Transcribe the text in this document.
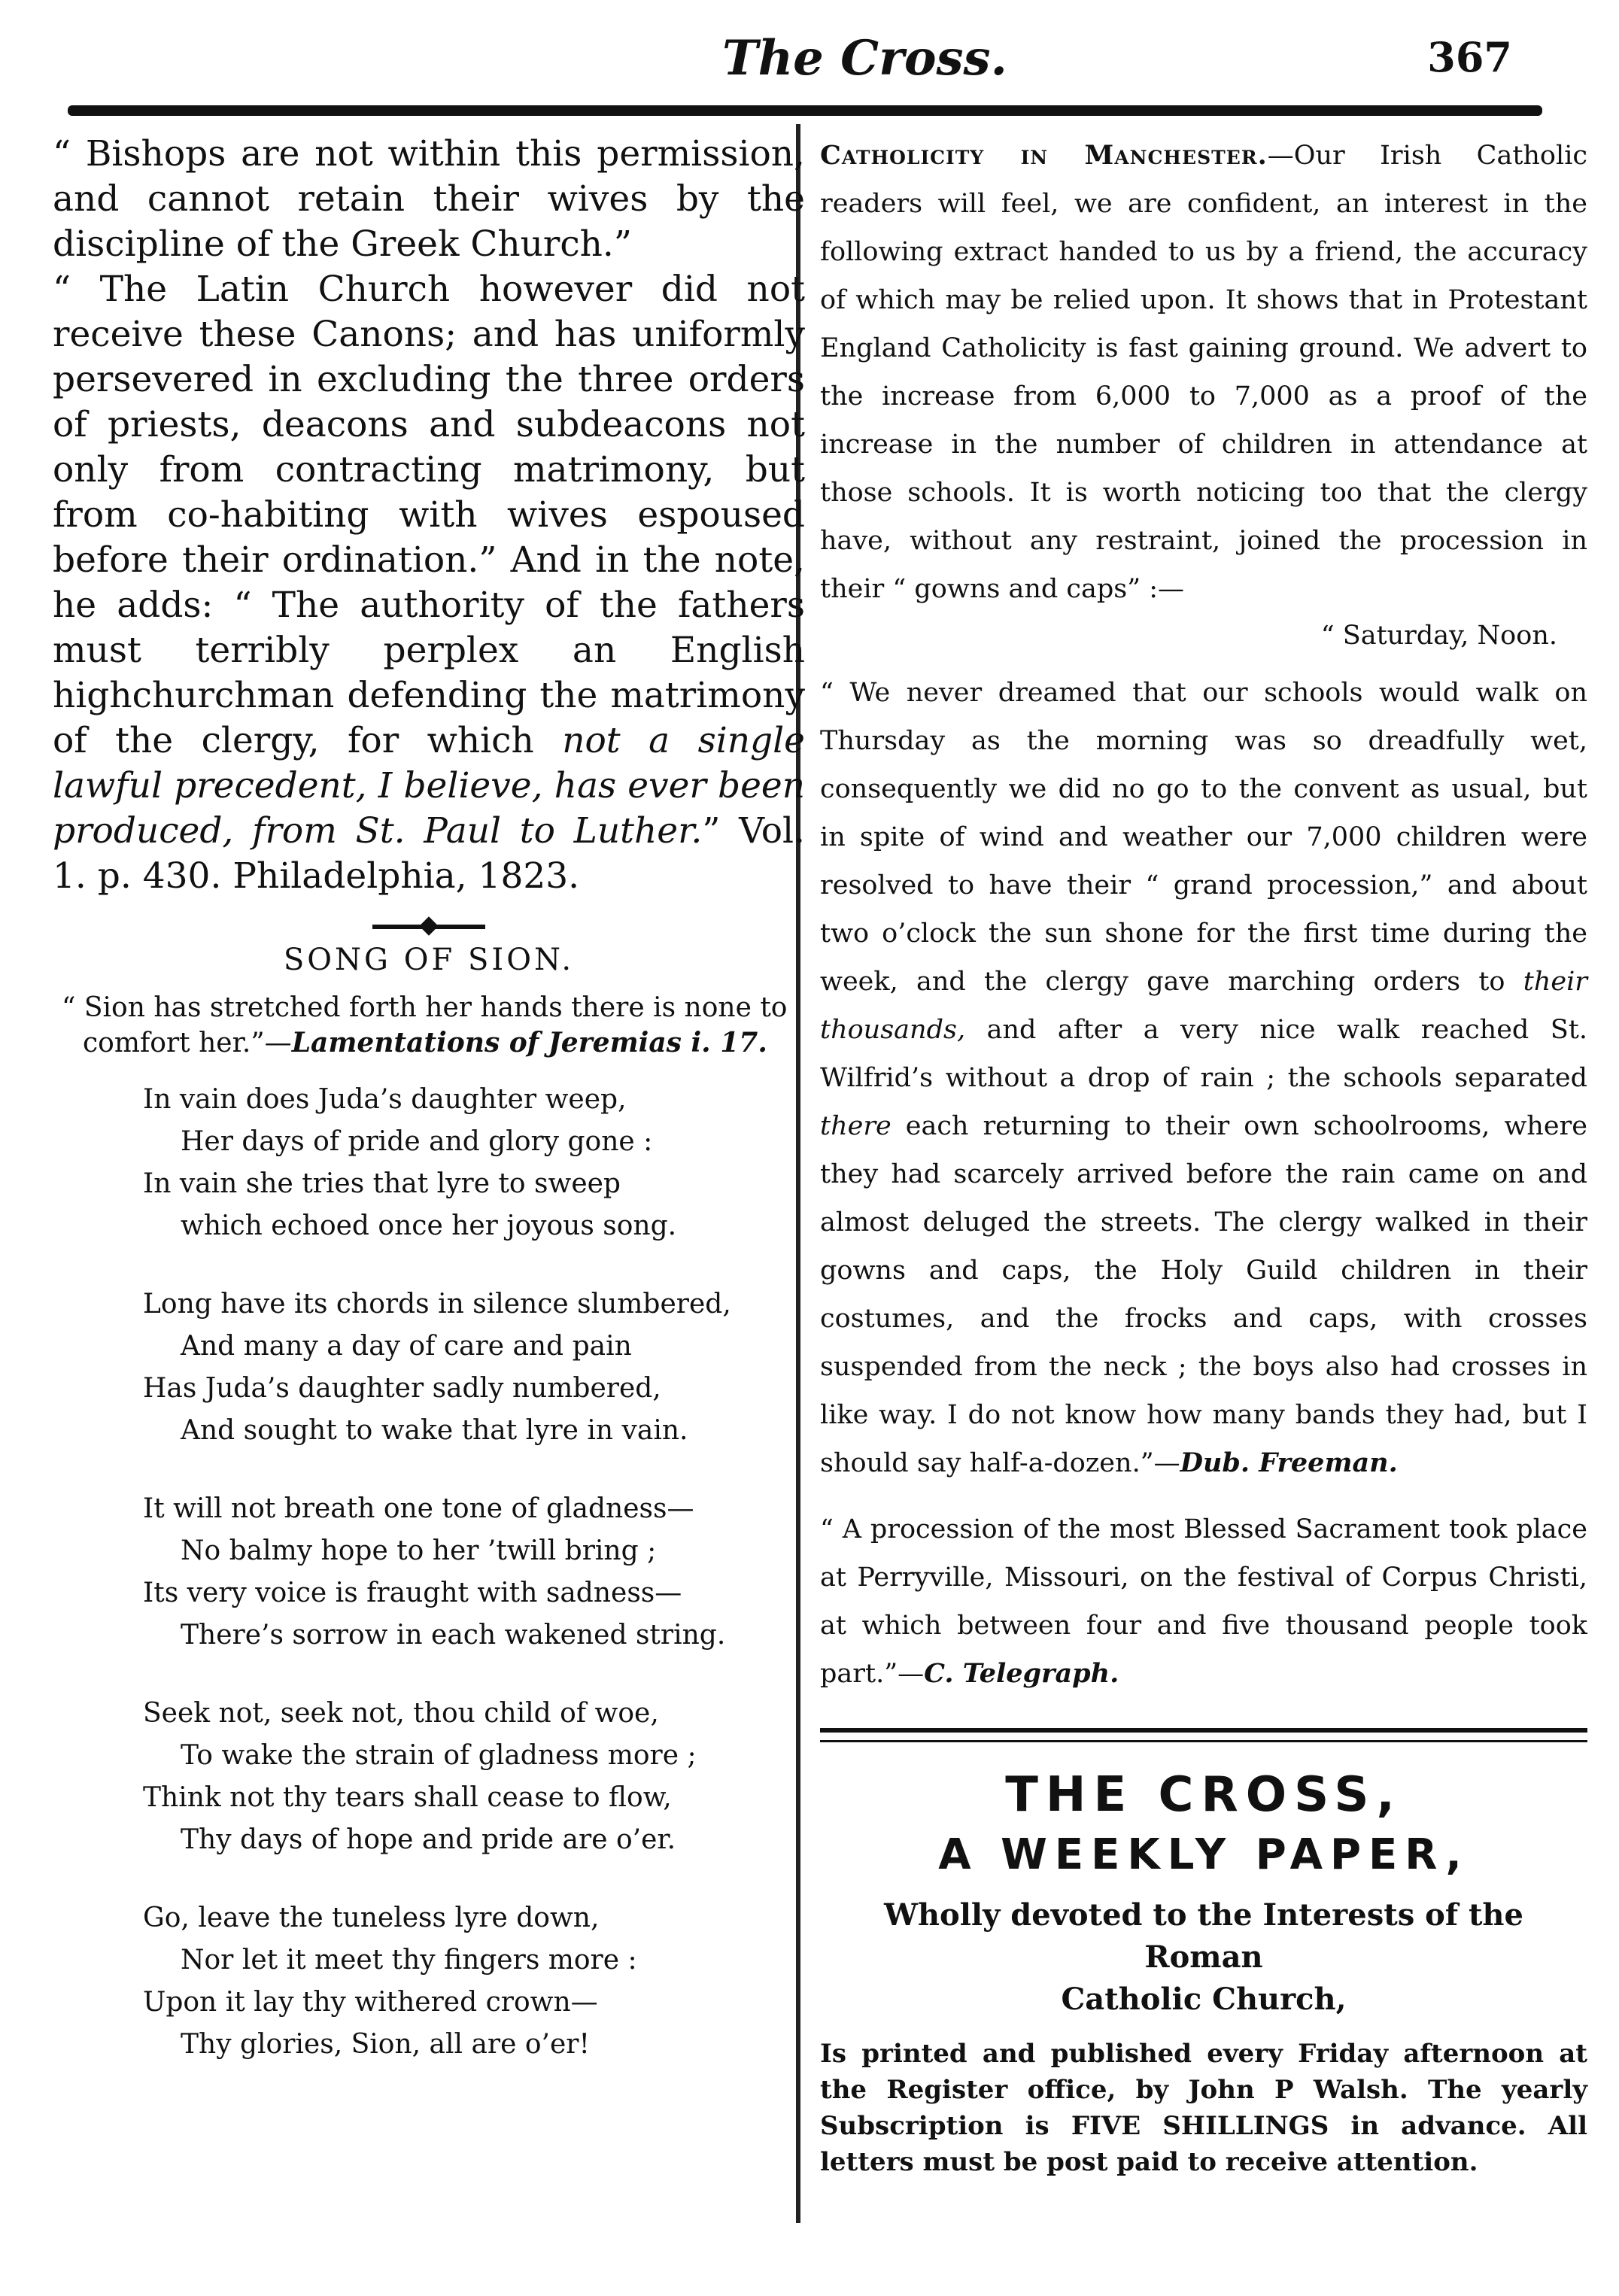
The Cross.	367

“ Bishops are not within this permission, and cannot retain their wives by the discipline of the Greek Church.”

“ The Latin Church however did not receive these Canons; and has uniformly persevered in excluding the three orders of priests, deacons and subdeacons not only from contracting matrimony, but from co-habiting with wives espoused before their ordination.” And in the note, he adds: “ The authority of the fathers must terribly perplex an English highchurchman defending the matrimony of the clergy, for which not a single lawful precedent, I believe, has ever been produced, from St. Paul to Luther.” Vol. 1. p. 430. Philadelphia, 1823.

SONG OF SION.

“ Sion has stretched forth her hands there is none to comfort her.”—Lamentations of Jeremias i. 17.

In vain does Juda’s daughter weep,
Her days of pride and glory gone :
In vain she tries that lyre to sweep
which echoed once her joyous song.
Long have its chords in silence slumbered,
And many a day of care and pain
Has Juda’s daughter sadly numbered,
And sought to wake that lyre in vain.
It will not breath one tone of gladness—
No balmy hope to her ’twill bring ;
Its very voice is fraught with sadness—
There’s sorrow in each wakened string.
Seek not, seek not, thou child of woe,
To wake the strain of gladness more ;
Think not thy tears shall cease to flow,
Thy days of hope and pride are o’er.
Go, leave the tuneless lyre down,
Nor let it meet thy fingers more :
Upon it lay thy withered crown—
Thy glories, Sion, all are o’er!

Catholicity in Manchester.—Our Irish Catholic readers will feel, we are confident, an interest in the following extract handed to us by a friend, the accuracy of which may be relied upon. It shows that in Protestant England Catholicity is fast gaining ground. We advert to the increase from 6,000 to 7,000 as a proof of the increase in the number of children in attendance at those schools. It is worth noticing too that the clergy have, without any restraint, joined the procession in their “ gowns and caps” :—

“ Saturday, Noon.

“ We never dreamed that our schools would walk on Thursday as the morning was so dreadfully wet, consequently we did no go to the convent as usual, but in spite of wind and weather our 7,000 children were resolved to have their “ grand procession,” and about two o’clock the sun shone for the first time during the week, and the clergy gave marching orders to their thousands, and after a very nice walk reached St. Wilfrid’s without a drop of rain ; the schools separated there each returning to their own schoolrooms, where they had scarcely arrived before the rain came on and almost deluged the streets. The clergy walked in their gowns and caps, the Holy Guild children in their costumes, and the frocks and caps, with crosses suspended from the neck ; the boys also had crosses in like way. I do not know how many bands they had, but I should say half-a-dozen.”—Dub. Freeman.

“ A procession of the most Blessed Sacrament took place at Perryville, Missouri, on the festival of Corpus Christi, at which between four and five thousand people took part.”—C. Telegraph.

THE CROSS,

A WEEKLY PAPER,

Wholly devoted to the Interests of the Roman

Catholic Church,

Is printed and published every Friday afternoon at the Register office, by John P Walsh. The yearly Subscription is FIVE SHILLINGS in advance. All letters must be post paid to receive attention.
